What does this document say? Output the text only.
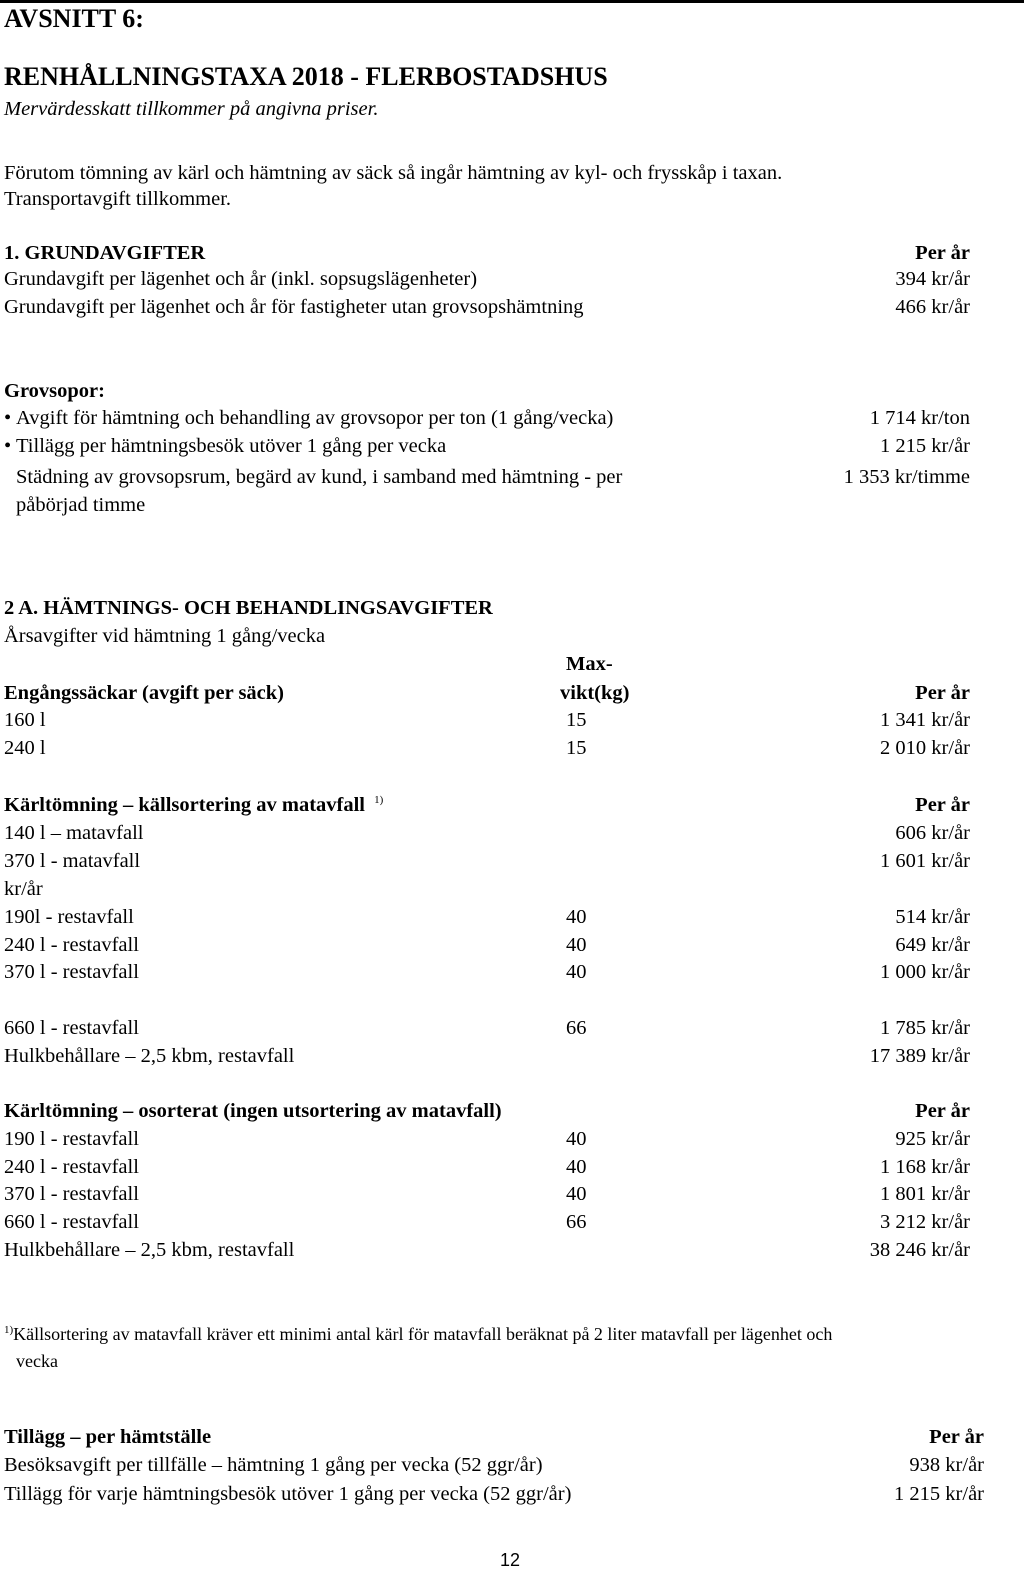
AVSNITT 6:
RENHÅLLNINGSTAXA 2018 - FLERBOSTADSHUS
Mervärdesskatt tillkommer på angivna priser.
Förutom tömning av kärl och hämtning av säck så ingår hämtning av kyl- och frysskåp i taxan.
Transportavgift tillkommer.
1. GRUNDAVGIFTER	Per år
Grundavgift per lägenhet och år (inkl. sopsugslägenheter)	394 kr/år
Grundavgift per lägenhet och år för fastigheter utan grovsopshämtning	466 kr/år
Grovsopor:
• Avgift för hämtning och behandling av grovsopor per ton (1 gång/vecka)	1 714 kr/ton
• Tillägg per hämtningsbesök utöver 1 gång per vecka	1 215 kr/år
Städning av grovsopsrum, begärd av kund, i samband med hämtning - per	1 353 kr/timme
påbörjad timme
2 A. HÄMTNINGS- OCH BEHANDLINGSAVGIFTER
Årsavgifter vid hämtning 1 gång/vecka
Max-
vikt(kg)
Engångssäckar (avgift per säck)	Per år
160 l	15	1 341 kr/år
240 l	15	2 010 kr/år
Kärltömning – källsortering av matavfall $^{1)}$	Per år
140 l – matavfall	606 kr/år
370 l - matavfall	1 601 kr/år
kr/år
190l - restavfall	40	514 kr/år
240 l - restavfall	40	649 kr/år
370 l - restavfall	40	1 000 kr/år
660 l - restavfall	66	1 785 kr/år
Hulkbehållare – 2,5 kbm, restavfall	17 389 kr/år
Kärltömning – osorterat (ingen utsortering av matavfall)	Per år
190 l - restavfall	40	925 kr/år
240 l - restavfall	40	1 168 kr/år
370 l - restavfall	40	1 801 kr/år
660 l - restavfall	66	3 212 kr/år
Hulkbehållare – 2,5 kbm, restavfall	38 246 kr/år
$^{1)}$Källsortering av matavfall kräver ett minimi antal kärl för matavfall beräknat på 2 liter matavfall per lägenhet och
vecka
Tillägg – per hämtställe	Per år
Besöksavgift per tillfälle – hämtning 1 gång per vecka (52 ggr/år)	938 kr/år
Tillägg för varje hämtningsbesök utöver 1 gång per vecka (52 ggr/år)	1 215 kr/år
12
